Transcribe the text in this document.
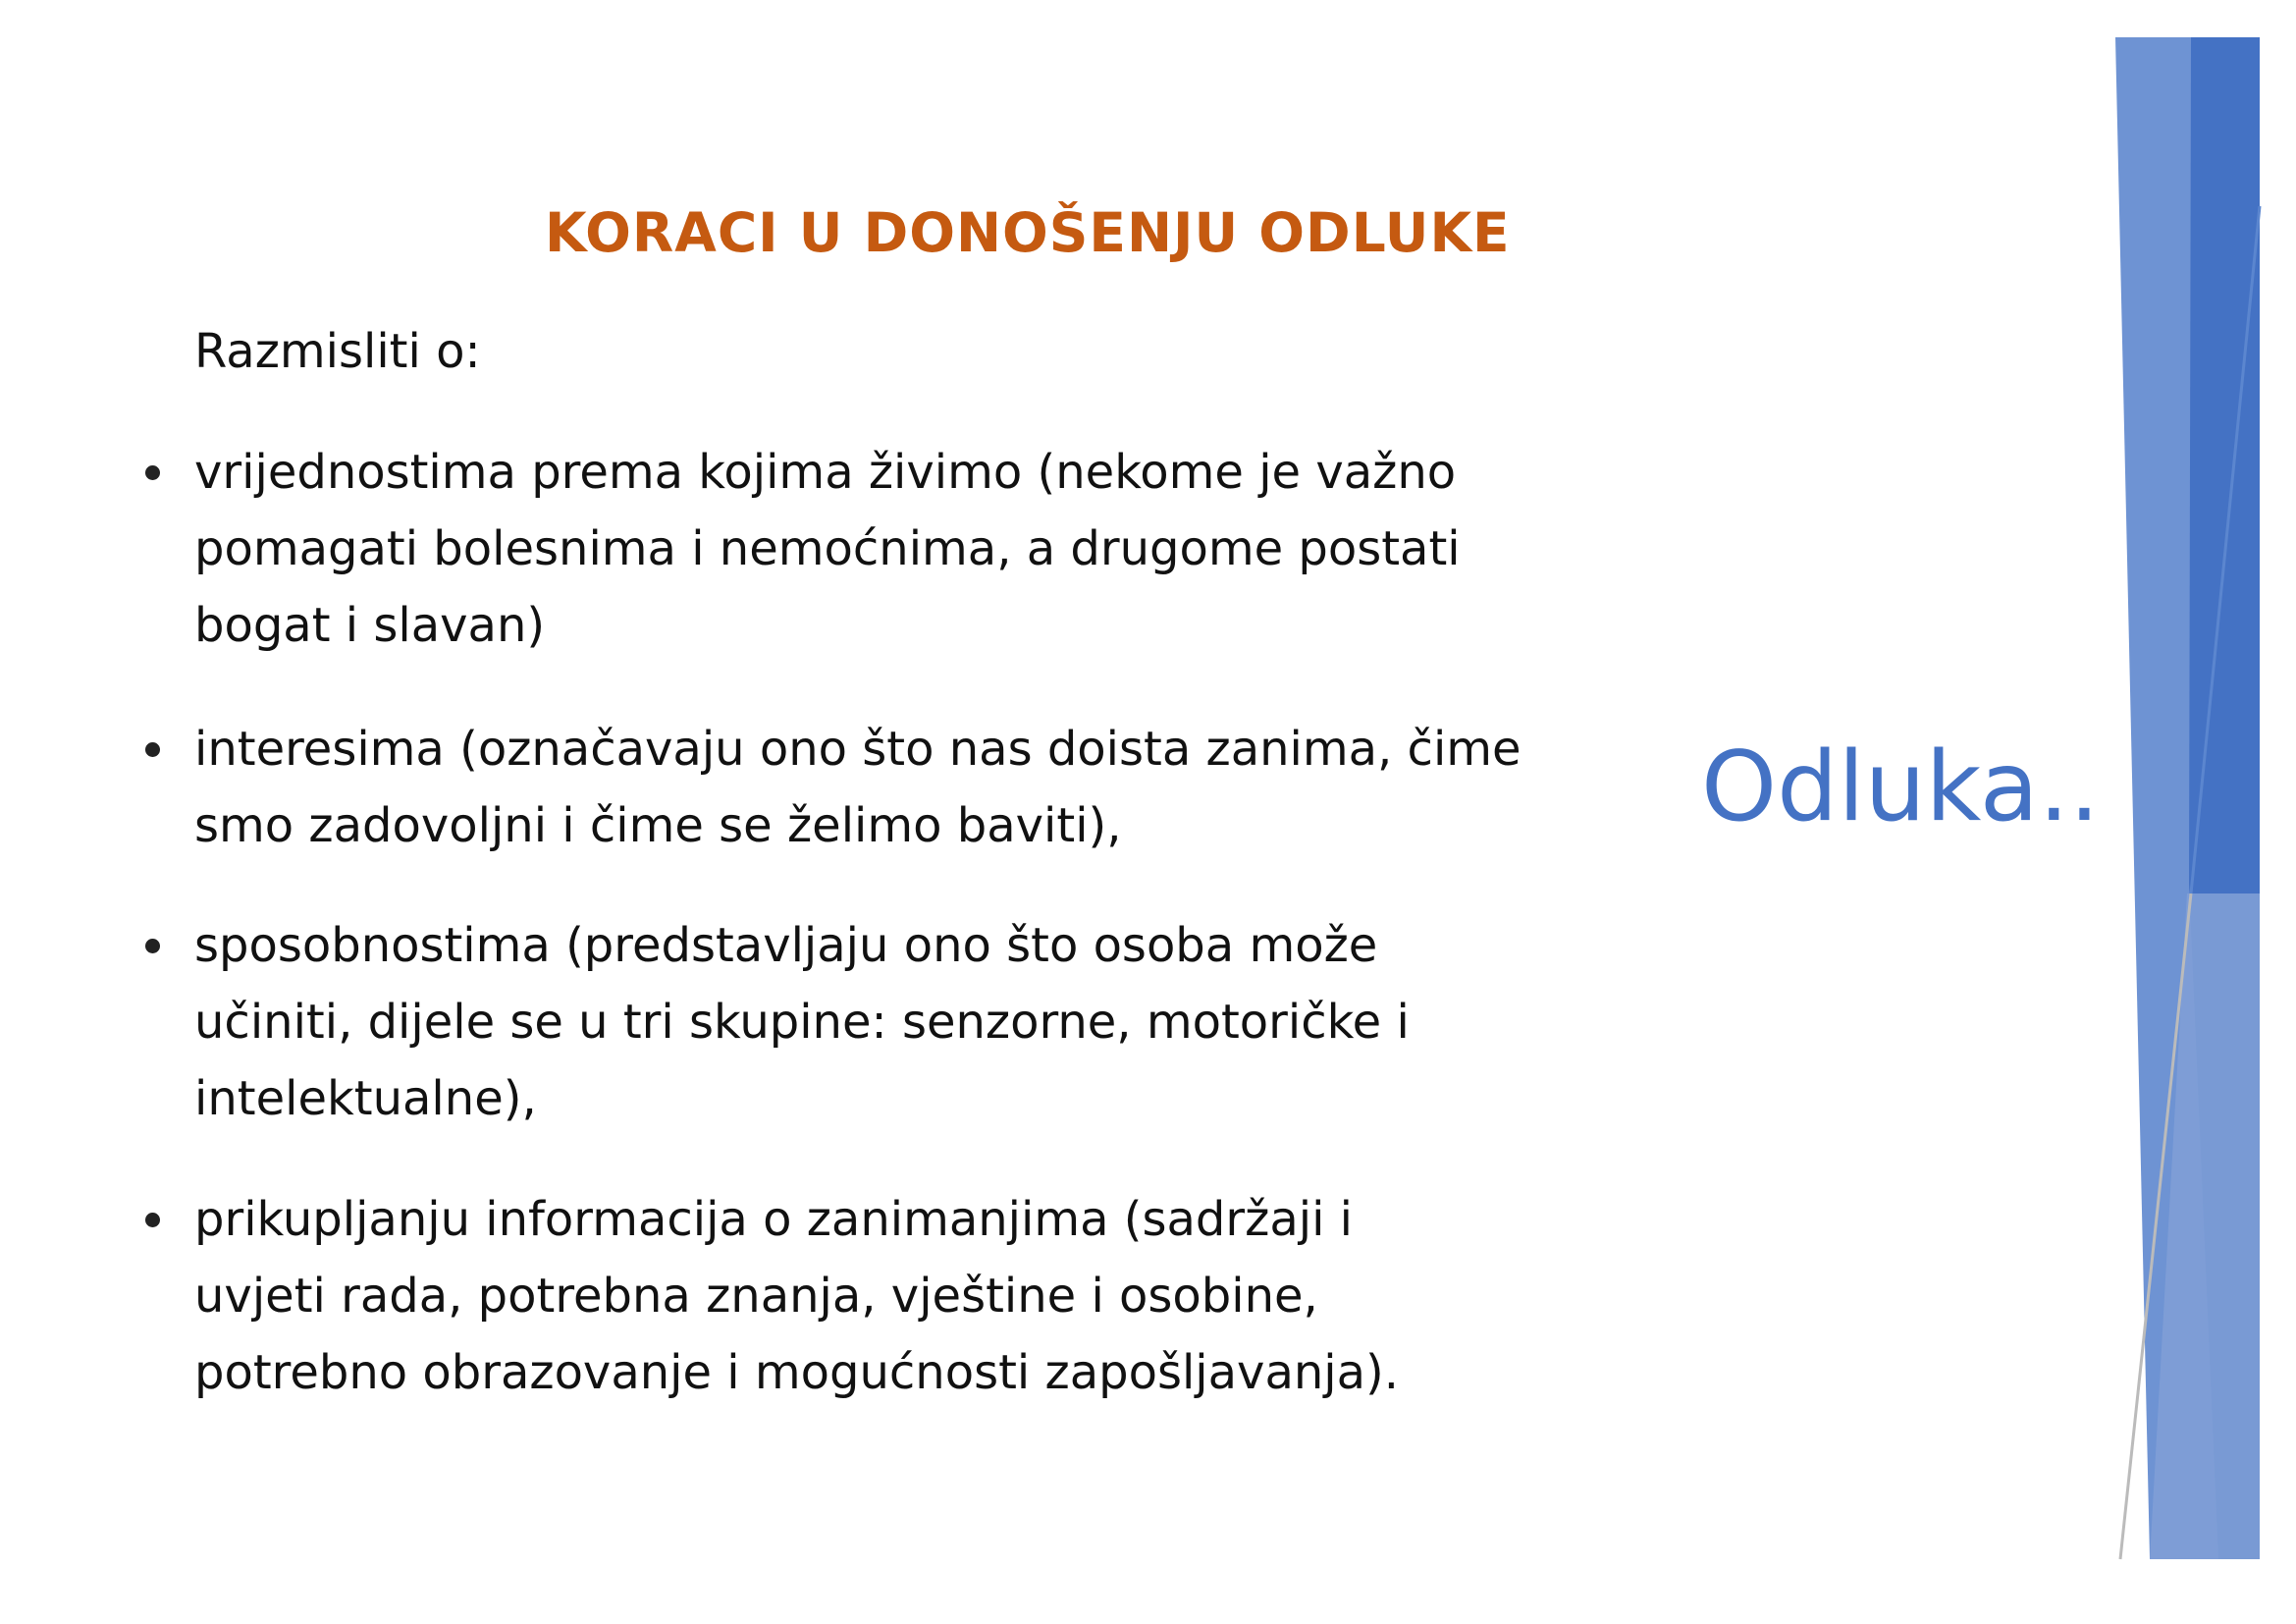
KORACI U DONOŠENJU ODLUKE
Razmisliti o:
vrijednostima prema kojima živimo (nekome je važno
pomagati bolesnima i nemoćnima, a drugome postati
bogat i slavan)
interesima (označavaju ono što nas doista zanima, čime
smo zadovoljni i čime se želimo baviti),
sposobnostima (predstavljaju ono što osoba može
učiniti, dijele se u tri skupine: senzorne, motoričke i
intelektualne),
prikupljanju informacija o zanimanjima (sadržaji i
uvjeti rada, potrebna znanja, vještine i osobine,
potrebno obrazovanje i mogućnosti zapošljavanja).
Odluka..
